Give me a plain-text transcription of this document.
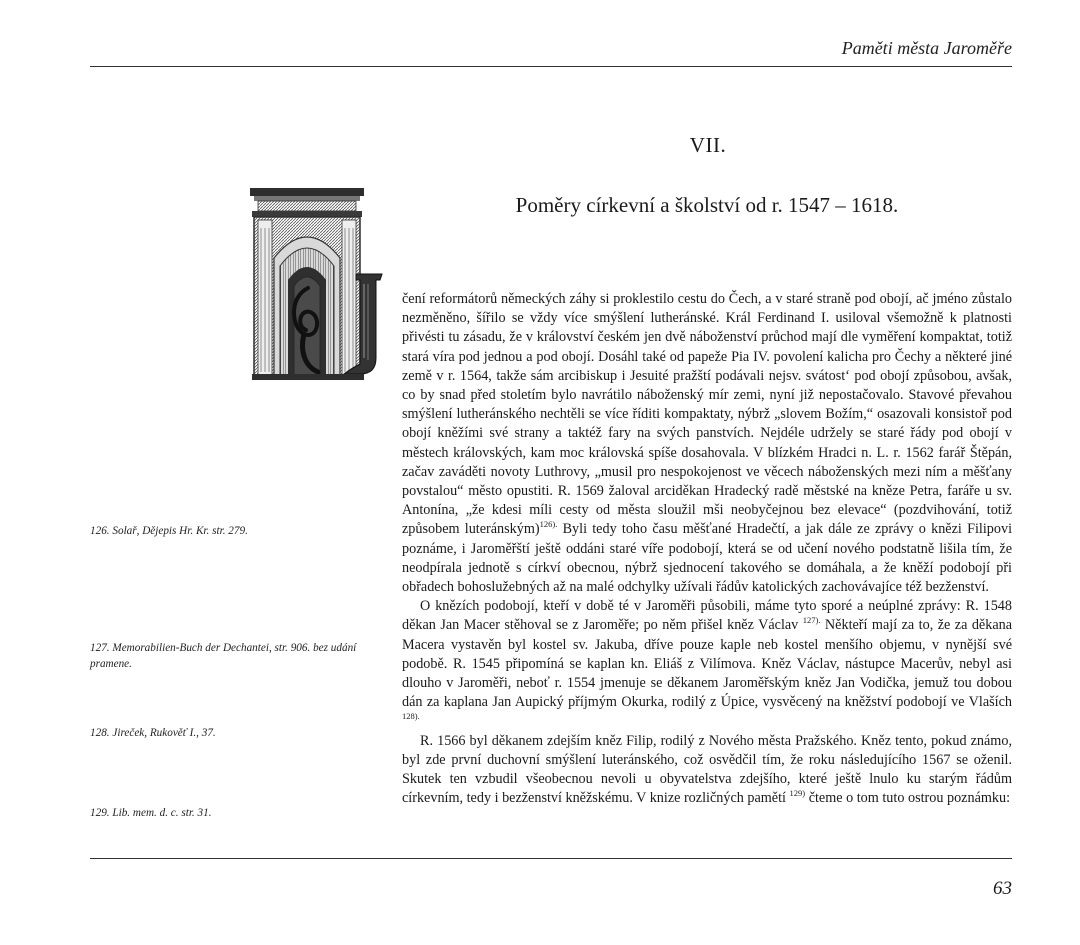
Paměti města Jaroměře
VII.
Poměry církevní a školství od r. 1547 – 1618.
126. Solař, Dějepis Hr. Kr. str. 279.
127. Memorabilien-Buch der Dechantei, str. 906. bez udání pramene.
128. Jireček, Rukověť I., 37.
129. Lib. mem. d. c. str. 31.

čení reformátorů německých záhy si proklestilo cestu do Čech, a v staré straně pod obojí, ač jméno zůstalo nezměněno, šířilo se vždy více smýšlení lutheránské. Král Ferdinand I. usiloval všemožně k platnosti přivésti tu zásadu, že v království českém jen dvě náboženství průchod mají dle vyměření kompaktat, totiž stará víra pod jednou a pod obojí. Dosáhl také od papeže Pia IV. povolení kalicha pro Čechy a některé jiné země v r. 1564, takže sám arcibiskup i Jesuité pražští podávali nejsv. svátost‘ pod obojí způsobou, avšak, co by snad před stoletím bylo navrátilo náboženský mír zemi, nyní již nepostačovalo. Stavové převahou smýšlení lutheránského nechtěli se více říditi kompaktaty, nýbrž „slovem Božím,“ osazovali konsistoř pod obojí kněžími své strany a taktéž fary na svých panstvích. Nejdéle udržely se staré řády pod obojí v městech královských, kam moc královská spíše dosahovala. V blízkém Hradci n. L. r. 1562 farář Štěpán, začav zaváděti novoty Luthrovy, „musil pro nespokojenost ve věcech náboženských mezi ním a měšťany povstalou“ město opustiti. R. 1569 žaloval arciděkan Hradecký radě městské na kněze Petra, faráře u sv. Antonína, „že kdesi míli cesty od města sloužil mši neobyčejnou bez elevace“ (pozdvihování, totiž způsobem luteránským)$^{126).}$ Byli tedy toho času měšťané Hradečtí, a jak dále ze zprávy o knězi Filipovi poznáme, i Jaroměřští ještě oddáni staré víře podobojí, která se od učení nového podstatně lišila tím, že neodpírala jednotě s církví obecnou, nýbrž sjednocení takového se domáhala, a že kněží podobojí při obřadech bohoslužebných až na malé odchylky užívali řádův katolických zachovávajíce též bezženství.

O knězích podobojí, kteří v době té v Jaroměři působili, máme tyto sporé a neúplné zprávy: R. 1548 děkan Jan Macer stěhoval se z Jaroměře; po něm přišel kněz Václav $^{127).}$ Někteří mají za to, že za děkana Macera vystavěn byl kostel sv. Jakuba, dříve pouze kaple neb kostel menšího objemu, v nynější své podobě. R. 1545 připomíná se kaplan kn. Eliáš z Vilímova. Kněz Václav, nástupce Macerův, nebyl asi dlouho v Jaroměři, neboť r. 1554 jmenuje se děkanem Jaroměřským kněz Jan Vodička, jemuž tou dobou dán za kaplana Jan Aupický příjmým Okurka, rodilý z Úpice, vysvěcený na kněžství podobojí ve Vlaších $^{128).}$

R. 1566 byl děkanem zdejším kněz Filip, rodilý z Nového města Pražského. Kněz tento, pokud známo, byl zde první duchovní smýšlení luteránského, což osvědčil tím, že roku následujícího 1567 se oženil. Skutek ten vzbudil všeobecnou nevoli u obyvatelstva zdejšího, které ještě lnulo ku starým řádům církevním, tedy i bezženství kněžskému. V knize rozličných pamětí $^{129)}$ čteme o tom tuto ostrou poznámku:

63
